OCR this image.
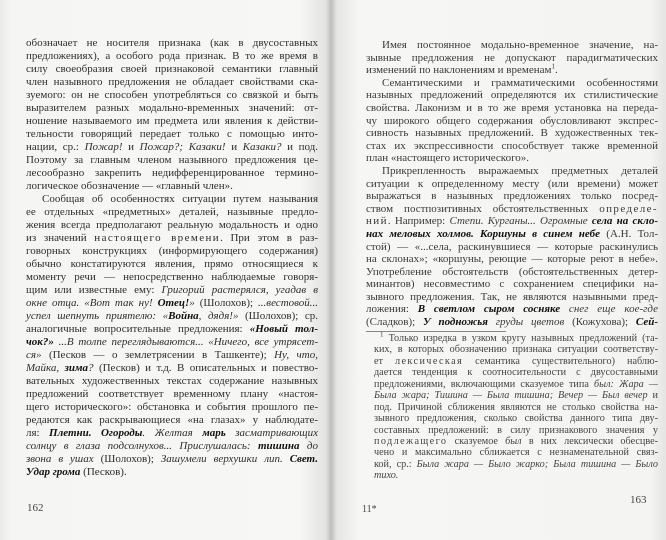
обозначает не носителя признака (как в двусоставных
предложениях), а особого рода признак. В то же время в
силу своеобразия своей признаковой семантики главный
член назывного предложения не обладает свойствами ска-
зуемого: он не способен употребляться со связкой и быть
выразителем разных модально-временных значений: от-
ношение называемого им предмета или явления к действи-
тельности говорящий передает только с помощью инто-
нации, ср.: Пожар! и Пожар?; Казаки! и Казаки? и под.
Поэтому за главным членом назывного предложения це-
лесообразно закрепить недифференцированное термино-
логическое обозначение — «главный член».
Сообщая об особенностях ситуации путем называния
ее отдельных «предметных» деталей, назывные предло-
жения всегда предполагают реальную модальность и одно
из значений настоящего времени. При этом в раз-
говорных конструкциях (информирующего содержания)
обычно констатируются явления, прямо относящиеся к
моменту речи — непосредственно наблюдаемые говоря-
щим или известные ему: Григорий растерялся, угадав в
окне отца. «Вот так ну! Отец!» (Шолохов); ...вестовой...
успел шепнуть приятелю: «Война, дядя!» (Шолохов); ср.
аналогичные вопросительные предложения: «Новый тол-
чок?» ...В толпе переглядываются... «Ничего, все утрясет-
ся» (Песков — о землетрясении в Ташкенте); Ну, что,
Майка, зима? (Песков) и т.д. В описательных и повество-
вательных художественных текстах содержание назывных
предложений соответствует временному плану «настоя-
щего исторического»: обстановка и события прошлого пе-
редаются как раскрывающиеся «на глазах» у наблюдате-
ля: Плетни. Огороды. Желтая марь засматривающих
солнцу в глаза подсолнухов... Прислушалась: тишина до
звона в ушах (Шолохов); Зашумели верхушки лип. Свет.
Удар грома (Песков).
162
Имея постоянное модально-временное значение, на-
зывные предложения не допускают парадигматических
изменений по наклонениям и временам$^1$.
Семантическими и грамматическими особенностями
назывных предложений определяются их стилистические
свойства. Лаконизм и в то же время установка на переда-
чу широкого общего содержания обусловливают экспрес-
сивность назывных предложений. В художественных тек-
стах их экспрессивности способствует также временной
план «настоящего исторического».
Прикрепленность выражаемых предметных деталей
ситуации к определенному месту (или времени) может
выражаться в назывных предложениях только посред-
ством постпозитивных обстоятельственных определе-
ний. Например: Степи. Курганы... Огромные села на скло-
нах меловых холмов. Коршуны в синем небе (А.Н. Тол-
стой) — «...села, раскинувшиеся — которые раскинулись
на склонах»; «коршуны, реющие — которые реют в небе».
Употребление обстоятельств (обстоятельственных детер-
минантов) несовместимо с сохранением специфики на-
зывного предложения. Так, не являются назывными пред-
ложения: В светлом сыром сосняке снег еще кое-где
(Сладков); У подножья груды цветов (Кожухова); Сей-
$^1$ Только изредка в узком кругу назывных предложений (та-
ких, в которых обозначению признака ситуации соответству-
ет лексическая семантика существительного) наблю-
дается тенденция к соотносительности с двусоставными
предложениями, включающими сказуемое типа был: Жара —
Была жара; Тишина — Была тишина; Вечер — Был вечер и
под. Причиной сближения являются не столько свойства на-
зывного предложения, сколько свойства данного типа дву-
составных предложений: в силу признакового значения у
подлежащего сказуемое был в них лексически обесцве-
чено и максимально сближается с незнаменательной связ-
кой, ср.: Была жара — Было жарко; Была тишина — Было
тихо.
11*
163
